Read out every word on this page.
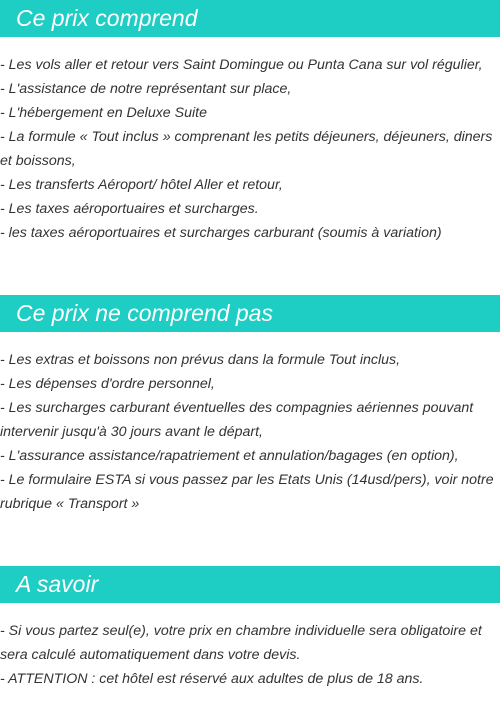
Ce prix comprend

- Les vols aller et retour vers Saint Domingue ou Punta Cana sur vol régulier,

- L'assistance de notre représentant sur place,

- L'hébergement en Deluxe Suite

- La formule « Tout inclus » comprenant les petits déjeuners, déjeuners, diners et boissons,

- Les transferts Aéroport/ hôtel Aller et retour,

- Les taxes aéroportuaires et surcharges.

- les taxes aéroportuaires et surcharges carburant (soumis à variation)

Ce prix ne comprend pas

- Les extras et boissons non prévus dans la formule Tout inclus,

- Les dépenses d'ordre personnel,

- Les surcharges carburant éventuelles des compagnies aériennes pouvant intervenir jusqu'à 30 jours avant le départ,

- L'assurance assistance/rapatriement et annulation/bagages (en option),

- Le formulaire ESTA si vous passez par les Etats Unis (14usd/pers), voir notre rubrique « Transport »

A savoir

- Si vous partez seul(e), votre prix en chambre individuelle sera obligatoire et sera calculé automatiquement dans votre devis.

- ATTENTION : cet hôtel est réservé aux adultes de plus de 18 ans.
